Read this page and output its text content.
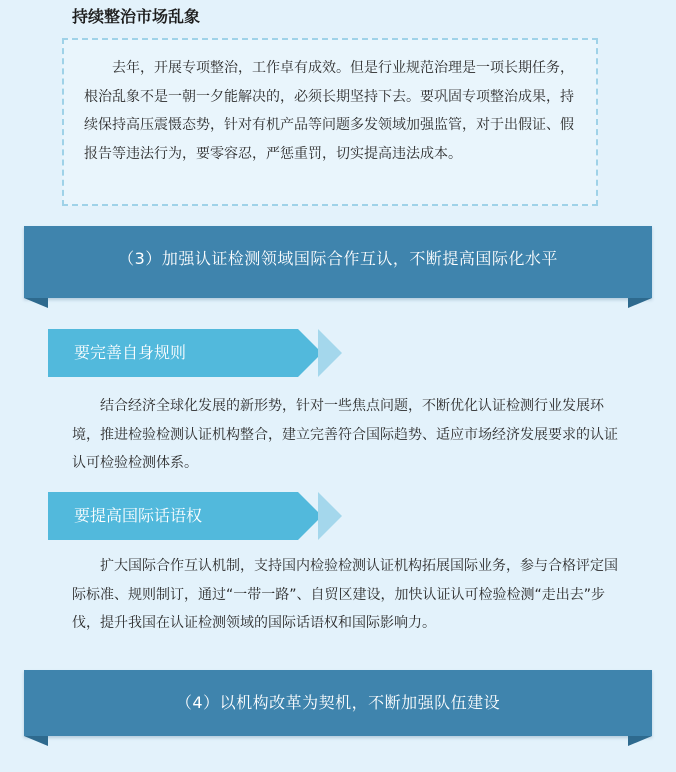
持续整治市场乱象

去年，开展专项整治，工作卓有成效。但是行业规范治理是一项长期任务，根治乱象不是一朝一夕能解决的，必须长期坚持下去。要巩固专项整治成果，持续保持高压震慑态势，针对有机产品等问题多发领域加强监管，对于出假证、假报告等违法行为，要零容忍，严惩重罚，切实提高违法成本。

（3）加强认证检测领域国际合作互认，不断提高国际化水平
要完善自身规则

结合经济全球化发展的新形势，针对一些焦点问题，不断优化认证检测行业发展环境，推进检验检测认证机构整合，建立完善符合国际趋势、适应市场经济发展要求的认证认可检验检测体系。

要提高国际话语权

扩大国际合作互认机制，支持国内检验检测认证机构拓展国际业务，参与合格评定国际标准、规则制订，通过“一带一路”、自贸区建设，加快认证认可检验检测“走出去”步伐，提升我国在认证检测领域的国际话语权和国际影响力。

（4）以机构改革为契机，不断加强队伍建设
